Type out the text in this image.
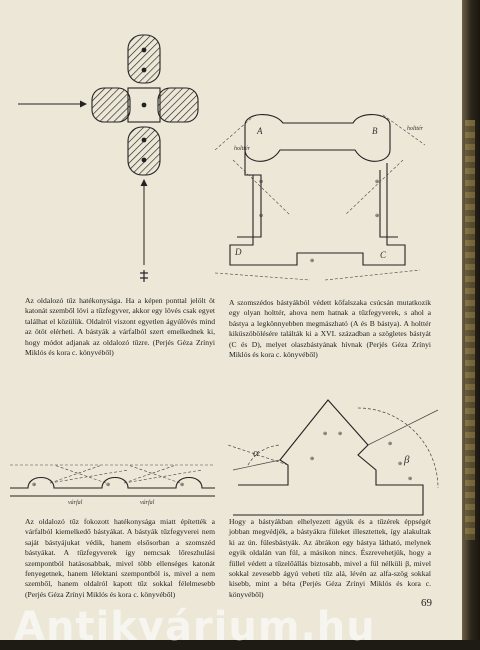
⊕	⊕
⊕	⊕
⊕
A	B
D	C
holttér
holttér

Az oldalozó tűz hatékonysága. Ha a képen ponttal jelölt öt katonát szemből lövi a tűzfegyver, akkor egy lövés csak egyet találhat el közülük. Oldalról viszont egyetlen ágyúlövés mind az ötöt elérheti. A bástyák a várfalból szert emelkednek ki, hogy módot adjanak az oldalozó tűzre. (Perjés Géza Zrínyi Miklós és kora c. könyvéből)

A szomszédos bástyákból védett kőfalszaka csúcsán mutatkozik egy olyan holttér, ahova nem hatnak a tűzfegyverek, s ahol a bástya a legkönnyebben megmászható (A és B bástya). A holttér kiküszöbölésére találták ki a XVI. században a szögletes bástyát (C és D), melyet olaszbástyának hívnak (Perjés Géza Zrínyi Miklós és kora c. könyvéből)

⊕	⊕	⊕
várfal	várfal
⊕
⊕
⊕
⊕
⊕
⊕
α
β

Az oldalozó tűz fokozott hatékonysága miatt építették a várfalból kiemelkedő bástyákat. A bástyák tűzfegyverei nem saját bástyájukat védik, hanem elsősorban a szomszéd bástyákat. A tűzfegyverek így nemcsak lőreszhulási szempontból hatásosabbak, mivel több ellenséges katonát fenyegetnek, hanem lélektani szempontból is, mivel a nem szemből, hanem oldalról kapott tűz sokkal félelmesebb (Perjés Géza Zrínyi Miklós és kora c. könyvéből)

Hogy a bástyákban elhelyezett ágyúk és a tűzérek éppségét jobban megvédjék, a bástyákra füleket illesztettek, így alakultak ki az ún. fülesbástyák. Az ábrákon egy bástya látható, melynek egyik oldalán van fül, a másikon nincs. Észrevehetjük, hogy a füllel védett a tűzelőállás biztosabb, mivel a fül nélküli β, mivel sokkal zevesebb ágyú veheti tűz alá, lévén az alfa-szög sokkal kisebb, mint a béta (Perjés Géza Zrínyi Miklós és kora c. könyvéből)

69
Antikvárium.hu
